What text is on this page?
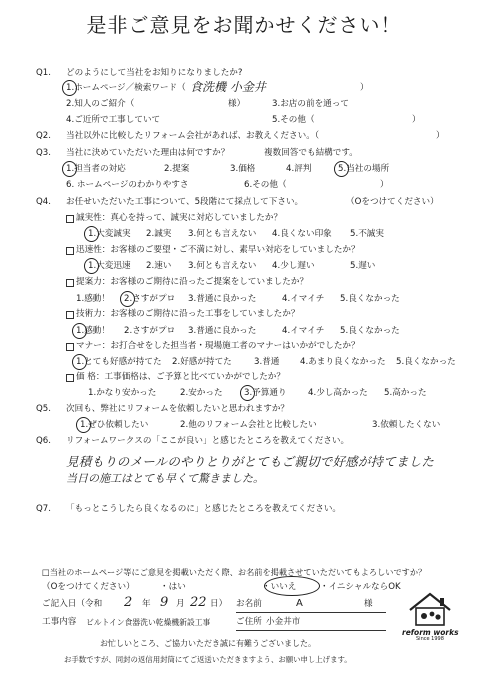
是非ご意見をお聞かせください！
Q1. どのようにして当社をお知りになりましたか?
1.ホームページ／検索ワード（ 食洗機 小金井	）
2.知人のご紹介（	様）	3.お店の前を通って
4.ご近所で工事していて	5.その他（	）
Q2. 当社以外に比較したリフォーム会社があれば、お教えください。（	）
Q3. 当社に決めていただいた理由は何ですか？	複数回答でも結構です。
1.担当者の対応	2.提案	3.価格	4.評判	5.当社の場所
6. ホームページのわかりやすさ	6.その他（	）
Q4. お任せいただいた工事について、5段階にて採点して下さい。	（Oをつけてください）
誠実性：真心を持って、誠実に対応していましたか？
1.大変誠実 2.誠実 3.何とも言えない 4.良くない印象 5.不誠実
迅速性：お客様のご要望・ご不満に対し、素早い対応をしていましたか？
1.大変迅速 2.速い 3.何とも言えない 4.少し遅い	5.遅い
提案力：お客様のご期待に沿ったご提案をしていましたか？
1.感動！ 2.さすがプロ 3.普通に良かった	4.イマイチ 5.良くなかった
技術力：お客様のご期待に沿った工事をしていましたか？
1.感動！ 2.さすがプロ 3.普通に良かった	4.イマイチ 5.良くなかった
マナー：お打合せをした担当者・現場施工者のマナーはいかがでしたか？
1.とても好感が持てた 2.好感が持てた	3.普通 4.あまり良くなかった 5.良くなかった
価 格：工事価格は、ご予算と比べていかがでしたか？
1.かなり安かった	2.安かった 3.予算通り 4.少し高かった 5.高かった
Q5. 次回も、弊社にリフォームを依頼したいと思われますか？
1.ぜひ依頼したい	2.他のリフォーム会社と比較したい	3.依頼したくない
Q6. リフォームワークスの「ここが良い」と感じたところを教えてください。
見積もりのメールのやりとりがとてもご親切で好感が持てました
当日の施工はとても早くて驚きました。
Q7. 「もっとこうしたら良くなるのに」と感じたところを教えてください。
□当社のホームページ等にご意見を掲載いただく際、お名前を掲載させていただいてもよろしいですか？
（Oをつけてください）	・はい	・いいえ	・イニシャルならOK
ご記入日（令和 2 年 9 月 22 日） お名前	A	様
工事内容 ビルトイン食器洗い乾燥機新設工事	ご住所 小金井市
お忙しいところ、ご協力いただき誠に有難うございました。
お手数ですが、同封の返信用封筒にてご返送いただきますよう、お願い申し上げます。
reform works
Since 1998
